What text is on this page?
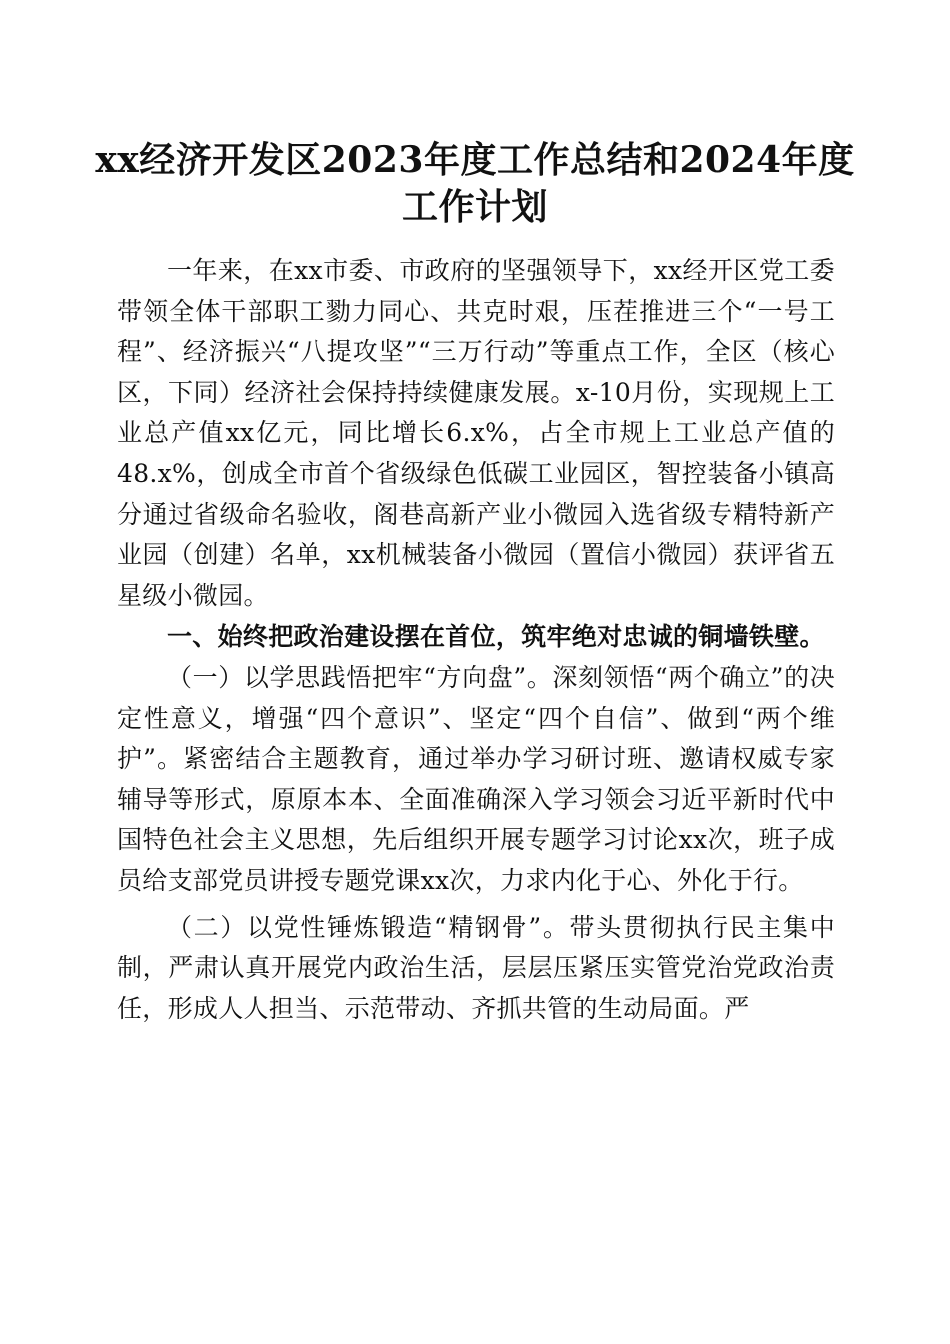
xx经济开发区2023年度工作总结和2024年度
工作计划

一年来，在xx市委、市政府的坚强领导下，xx经开区党工委带领全体干部职工勠力同心、共克时艰，压茬推进三个“一号工程”、经济振兴“八提攻坚”“三万行动”等重点工作，全区（核心区，下同）经济社会保持持续健康发展。x-10月份，实现规上工业总产值xx亿元，同比增长6.x%，占全市规上工业总产值的48.x%，创成全市首个省级绿色低碳工业园区，智控装备小镇高分通过省级命名验收，阁巷高新产业小微园入选省级专精特新产业园（创建）名单，xx机械装备小微园（置信小微园）获评省五星级小微园。

一、始终把政治建设摆在首位，筑牢绝对忠诚的铜墙铁壁。

（一）以学思践悟把牢“方向盘”。深刻领悟“两个确立”的决定性意义，增强“四个意识”、坚定“四个自信”、做到“两个维护”。紧密结合主题教育，通过举办学习研讨班、邀请权威专家辅导等形式，原原本本、全面准确深入学习领会习近平新时代中国特色社会主义思想，先后组织开展专题学习讨论xx次，班子成员给支部党员讲授专题党课xx次，力求内化于心、外化于行。

（二）以党性锤炼锻造“精钢骨”。带头贯彻执行民主集中制，严肃认真开展党内政治生活，层层压紧压实管党治党政治责任，形成人人担当、示范带动、齐抓共管的生动局面。严
